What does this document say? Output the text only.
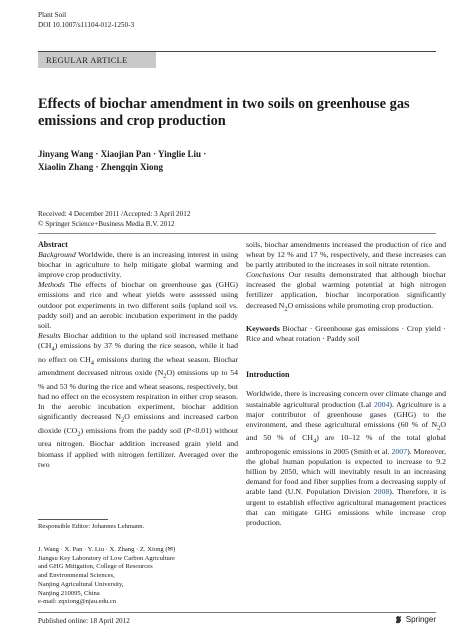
Plant Soil
DOI 10.1007/s11104-012-1250-3
REGULAR ARTICLE
Effects of biochar amendment in two soils on greenhouse gas emissions and crop production
Jinyang Wang · Xiaojian Pan · Yinglie Liu ·
Xiaolin Zhang · Zhengqin Xiong
Received: 4 December 2011 /Accepted: 3 April 2012
© Springer Science+Business Media B.V. 2012
Abstract

Background Worldwide, there is an increasing interest in using biochar in agriculture to help mitigate global warming and improve crop productivity.

Methods The effects of biochar on greenhouse gas (GHG) emissions and rice and wheat yields were assessed using outdoor pot experiments in two different soils (upland soil vs. paddy soil) and an aerobic incubation experiment in the paddy soil.

Results Biochar addition to the upland soil increased methane $(CH_4)$ emissions by 37 % during the rice season, while it had no effect on $CH_4$ emissions during the wheat season. Biochar amendment decreased nitrous oxide $(N_2O)$ emissions up to 54 % and 53 % during the rice and wheat seasons, respectively, but had no effect on the ecosystem respiration in either crop season. In the aerobic incubation experiment, biochar addition significantly decreased $N_2O$ emissions and increased carbon dioxide $(CO_2)$ emissions from the paddy soil (P<0.01) without urea nitrogen. Biochar addition increased grain yield and biomass if applied with nitrogen fertilizer. Averaged over the two

Responsible Editor: Johannes Lehmann.
J. Wang · X. Pan · Y. Liu · X. Zhang · Z. Xiong (✉)
Jiangsu Key Laboratory of Low Carbon Agriculture
and GHG Mitigation, College of Resources
and Environmental Sciences,
Nanjing Agricultural University,
Nanjing 210095, China
e-mail: zqxiong@njau.edu.cn

soils, biochar amendments increased the production of rice and wheat by 12 % and 17 %, respectively, and these increases can be partly attributed to the increases in soil nitrate retention.

Conclusions Our results demonstrated that although biochar increased the global warming potential at high nitrogen fertilizer application, biochar incorporation significantly decreased $N_2O$ emissions while promoting crop production.

Keywords Biochar · Greenhouse gas emissions · Crop yield · Rice and wheat rotation · Paddy soil

Introduction

Worldwide, there is increasing concern over climate change and sustainable agricultural production (Lal 2004). Agriculture is a major contributor of greenhouse gases (GHG) to the environment, and these agricultural emissions (60 % of $N_2O$ and 50 % of $CH_4$) are 10–12 % of the total global anthropogenic emissions in 2005 (Smith et al. 2007). Moreover, the global human population is expected to increase to 9.2 billion by 2050, which will inevitably result in an increasing demand for food and fiber supplies from a decreasing supply of arable land (U.N. Population Division 2008). Therefore, it is urgent to establish effective agricultural management practices that can mitigate GHG emissions while increase crop production.

Published online: 18 April 2012	Springer
